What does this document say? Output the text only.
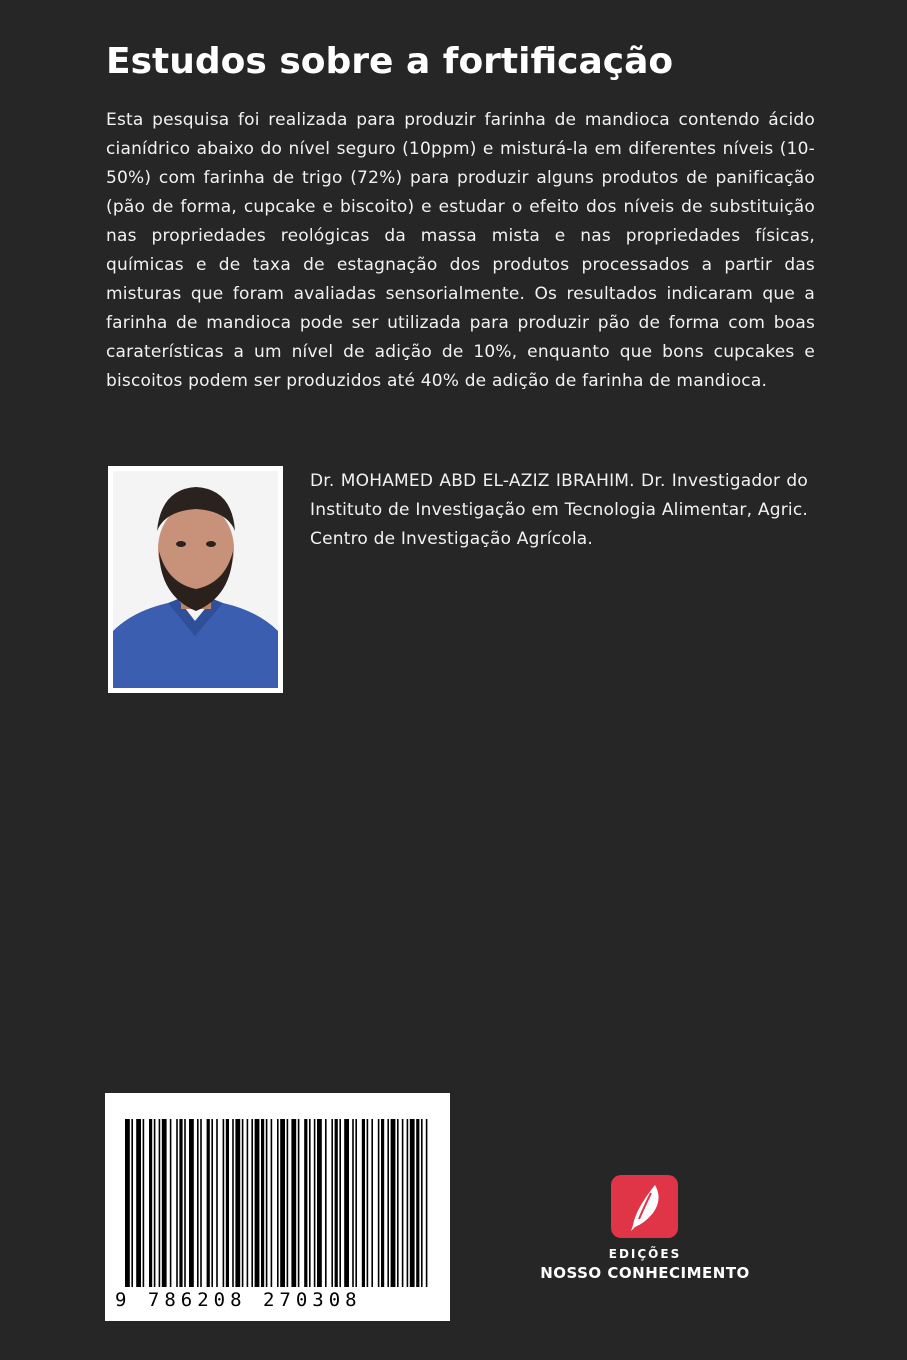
Estudos sobre a fortificação

Esta pesquisa foi realizada para produzir farinha de mandioca contendo ácido cianídrico abaixo do nível seguro (10ppm) e misturá-la em diferentes níveis (10-50%) com farinha de trigo (72%) para produzir alguns produtos de panificação (pão de forma, cupcake e biscoito) e estudar o efeito dos níveis de substituição nas propriedades reológicas da massa mista e nas propriedades físicas, químicas e de taxa de estagnação dos produtos processados a partir das misturas que foram avaliadas sensorialmente. Os resultados indicaram que a farinha de mandioca pode ser utilizada para produzir pão de forma com boas caraterísticas a um nível de adição de 10%, enquanto que bons cupcakes e biscoitos podem ser produzidos até 40% de adição de farinha de mandioca.

Dr. MOHAMED ABD EL-AZIZ IBRAHIM. Dr. Investigador do Instituto de Investigação em Tecnologia Alimentar, Agric. Centro de Investigação Agrícola.

9 786208 270308
EDIÇÕES
NOSSO CONHECIMENTO
